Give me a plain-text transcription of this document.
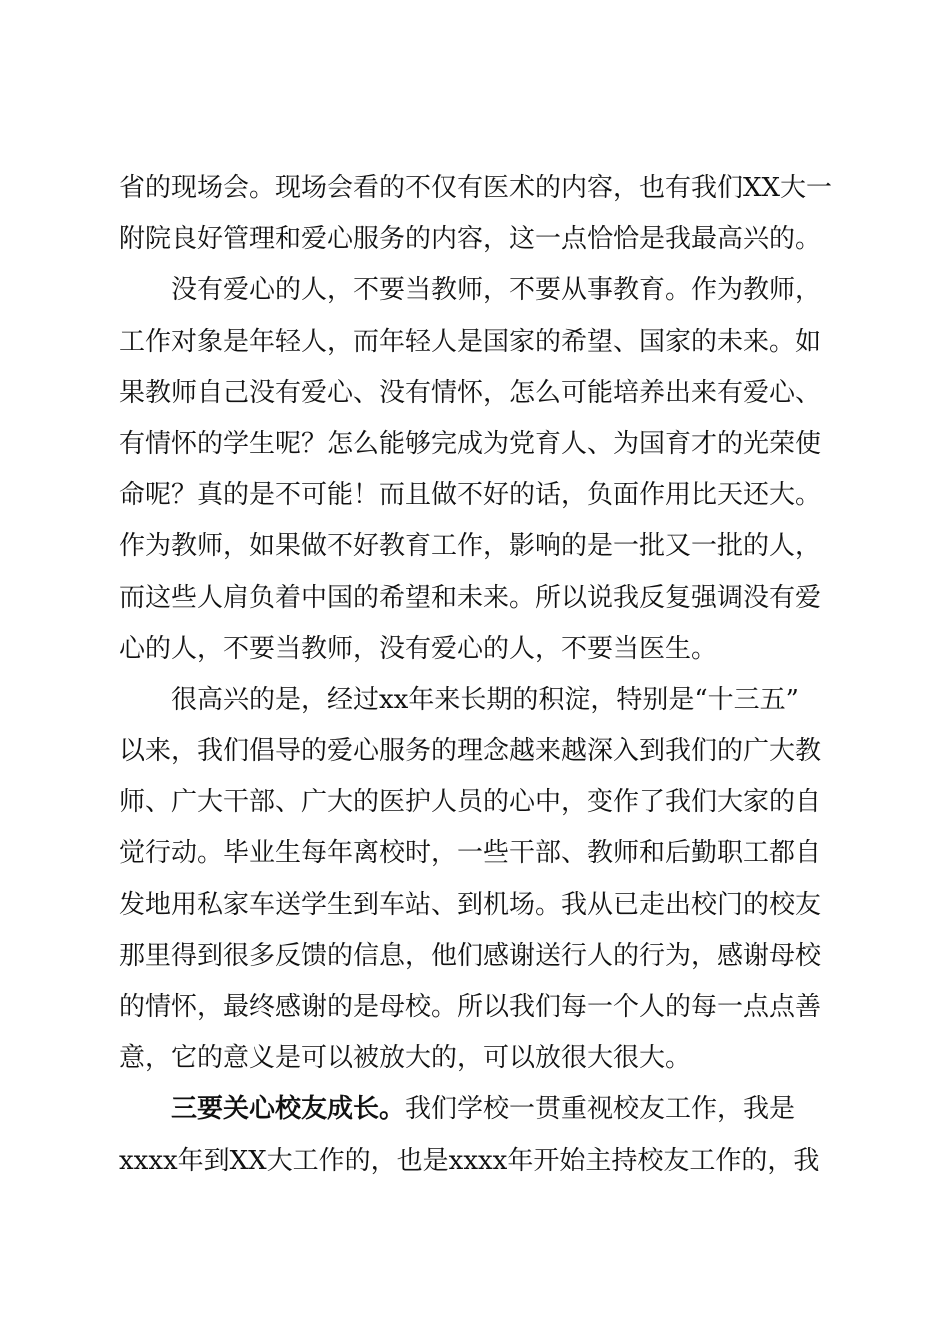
省的现场会。现场会看的不仅有医术的内容，也有我们XX大一
附院良好管理和爱心服务的内容，这一点恰恰是我最高兴的。
没有爱心的人，不要当教师，不要从事教育。作为教师，
工作对象是年轻人，而年轻人是国家的希望、国家的未来。如
果教师自己没有爱心、没有情怀，怎么可能培养出来有爱心、
有情怀的学生呢？怎么能够完成为党育人、为国育才的光荣使
命呢？真的是不可能！而且做不好的话，负面作用比天还大。
作为教师，如果做不好教育工作，影响的是一批又一批的人，
而这些人肩负着中国的希望和未来。所以说我反复强调没有爱
心的人，不要当教师，没有爱心的人，不要当医生。
很高兴的是，经过xx年来长期的积淀，特别是“十三五”
以来，我们倡导的爱心服务的理念越来越深入到我们的广大教
师、广大干部、广大的医护人员的心中，变作了我们大家的自
觉行动。毕业生每年离校时，一些干部、教师和后勤职工都自
发地用私家车送学生到车站、到机场。我从已走出校门的校友
那里得到很多反馈的信息，他们感谢送行人的行为，感谢母校
的情怀，最终感谢的是母校。所以我们每一个人的每一点点善
意，它的意义是可以被放大的，可以放很大很大。
三要关心校友成长。我们学校一贯重视校友工作，我是
xxxx年到XX大工作的，也是xxxx年开始主持校友工作的，我
